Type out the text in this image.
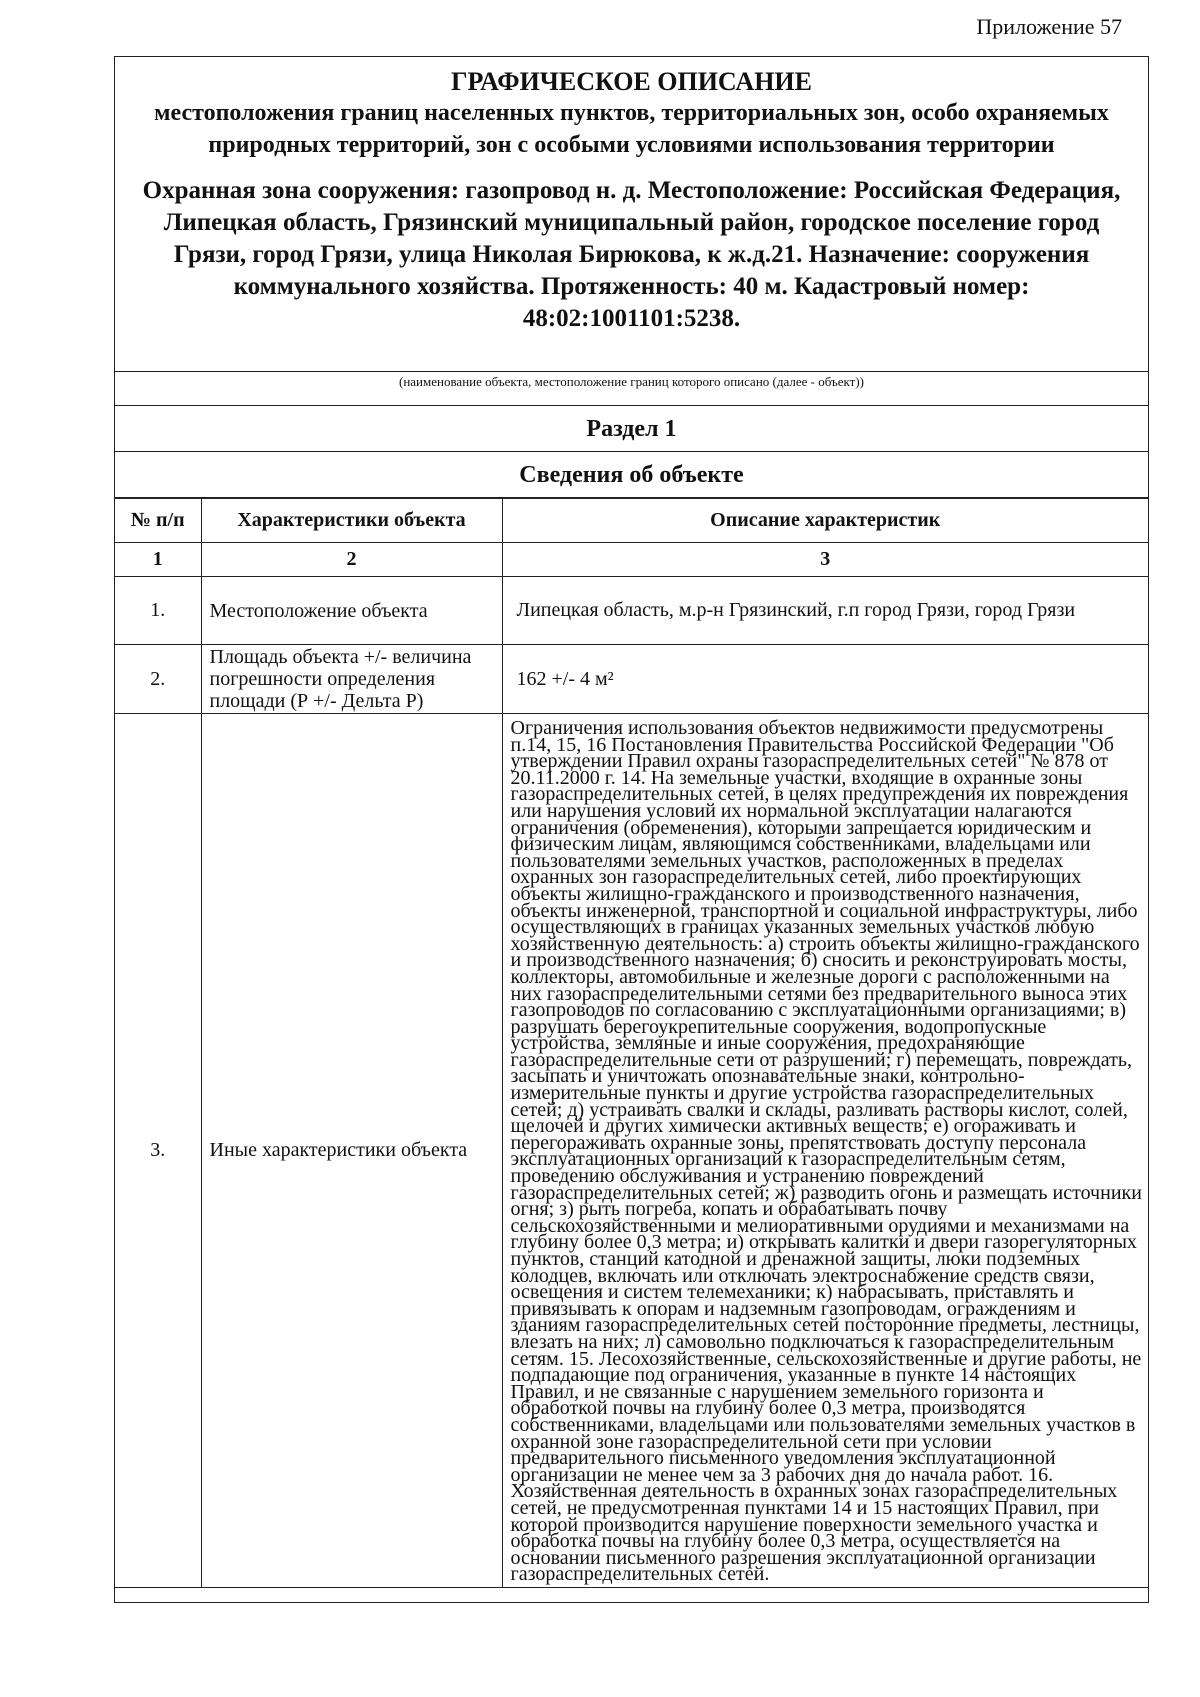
Приложение 57
ГРАФИЧЕСКОЕ ОПИСАНИЕ
местоположения границ населенных пунктов, территориальных зон, особо охраняемых природных территорий, зон с особыми условиями использования территории
Охранная зона сооружения: газопровод н. д. Местоположение: Российская Федерация, Липецкая область, Грязинский муниципальный район, городское поселение город Грязи, город Грязи, улица Николая Бирюкова, к ж.д.21. Назначение: сооружения коммунального хозяйства. Протяженность: 40 м. Кадастровый номер: 48:02:1001101:5238.
(наименование объекта, местоположение границ которого описано (далее - объект))
Раздел 1
Сведения об объекте
№ п/п	Характеристики объекта	Описание характеристик
1	2	3
1.	Местоположение объекта	Липецкая область, м.р-н Грязинский, г.п город Грязи, город Грязи
2.	Площадь объекта +/- величина погрешности определения площади (Р +/- Дельта Р)	162 +/- 4 м²
3.	Иные характеристики объекта	Ограничения использования объектов недвижимости предусмотрены п.14, 15, 16 Постановления Правительства Российской Федерации "Об утверждении Правил охраны газораспределительных сетей" № 878 от 20.11.2000 г. 14. На земельные участки, входящие в охранные зоны газораспределительных сетей, в целях предупреждения их повреждения или нарушения условий их нормальной эксплуатации налагаются ограничения (обременения), которыми запрещается юридическим и физическим лицам, являющимся собственниками, владельцами или пользователями земельных участков, расположенных в пределах охранных зон газораспределительных сетей, либо проектирующих объекты жилищно-гражданского и производственного назначения, объекты инженерной, транспортной и социальной инфраструктуры, либо осуществляющих в границах указанных земельных участков любую хозяйственную деятельность: а) строить объекты жилищно-гражданского и производственного назначения; б) сносить и реконструировать мосты, коллекторы, автомобильные и железные дороги с расположенными на них газораспределительными сетями без предварительного выноса этих газопроводов по согласованию с эксплуатационными организациями; в) разрушать берегоукрепительные сооружения, водопропускные устройства, земляные и иные сооружения, предохраняющие газораспределительные сети от разрушений; г) перемещать, повреждать, засыпать и уничтожать опознавательные знаки, контрольно-измерительные пункты и другие устройства газораспределительных сетей; д) устраивать свалки и склады, разливать растворы кислот, солей, щелочей и других химически активных веществ; е) огораживать и перегораживать охранные зоны, препятствовать доступу персонала эксплуатационных организаций к газораспределительным сетям, проведению обслуживания и устранению повреждений газораспределительных сетей; ж) разводить огонь и размещать источники огня; з) рыть погреба, копать и обрабатывать почву сельскохозяйственными и мелиоративными орудиями и механизмами на глубину более 0,3 метра; и) открывать калитки и двери газорегуляторных пунктов, станций катодной и дренажной защиты, люки подземных колодцев, включать или отключать электроснабжение средств связи, освещения и систем телемеханики; к) набрасывать, приставлять и привязывать к опорам и надземным газопроводам, ограждениям и зданиям газораспределительных сетей посторонние предметы, лестницы, влезать на них; л) самовольно подключаться к газораспределительным сетям. 15. Лесохозяйственные, сельскохозяйственные и другие работы, не подпадающие под ограничения, указанные в пункте 14 настоящих Правил, и не связанные с нарушением земельного горизонта и обработкой почвы на глубину более 0,3 метра, производятся собственниками, владельцами или пользователями земельных участков в охранной зоне газораспределительной сети при условии предварительного письменного уведомления эксплуатационной организации не менее чем за 3 рабочих дня до начала работ. 16. Хозяйственная деятельность в охранных зонах газораспределительных сетей, не предусмотренная пунктами 14 и 15 настоящих Правил, при которой производится нарушение поверхности земельного участка и обработка почвы на глубину более 0,3 метра, осуществляется на основании письменного разрешения эксплуатационной организации газораспределительных сетей.
